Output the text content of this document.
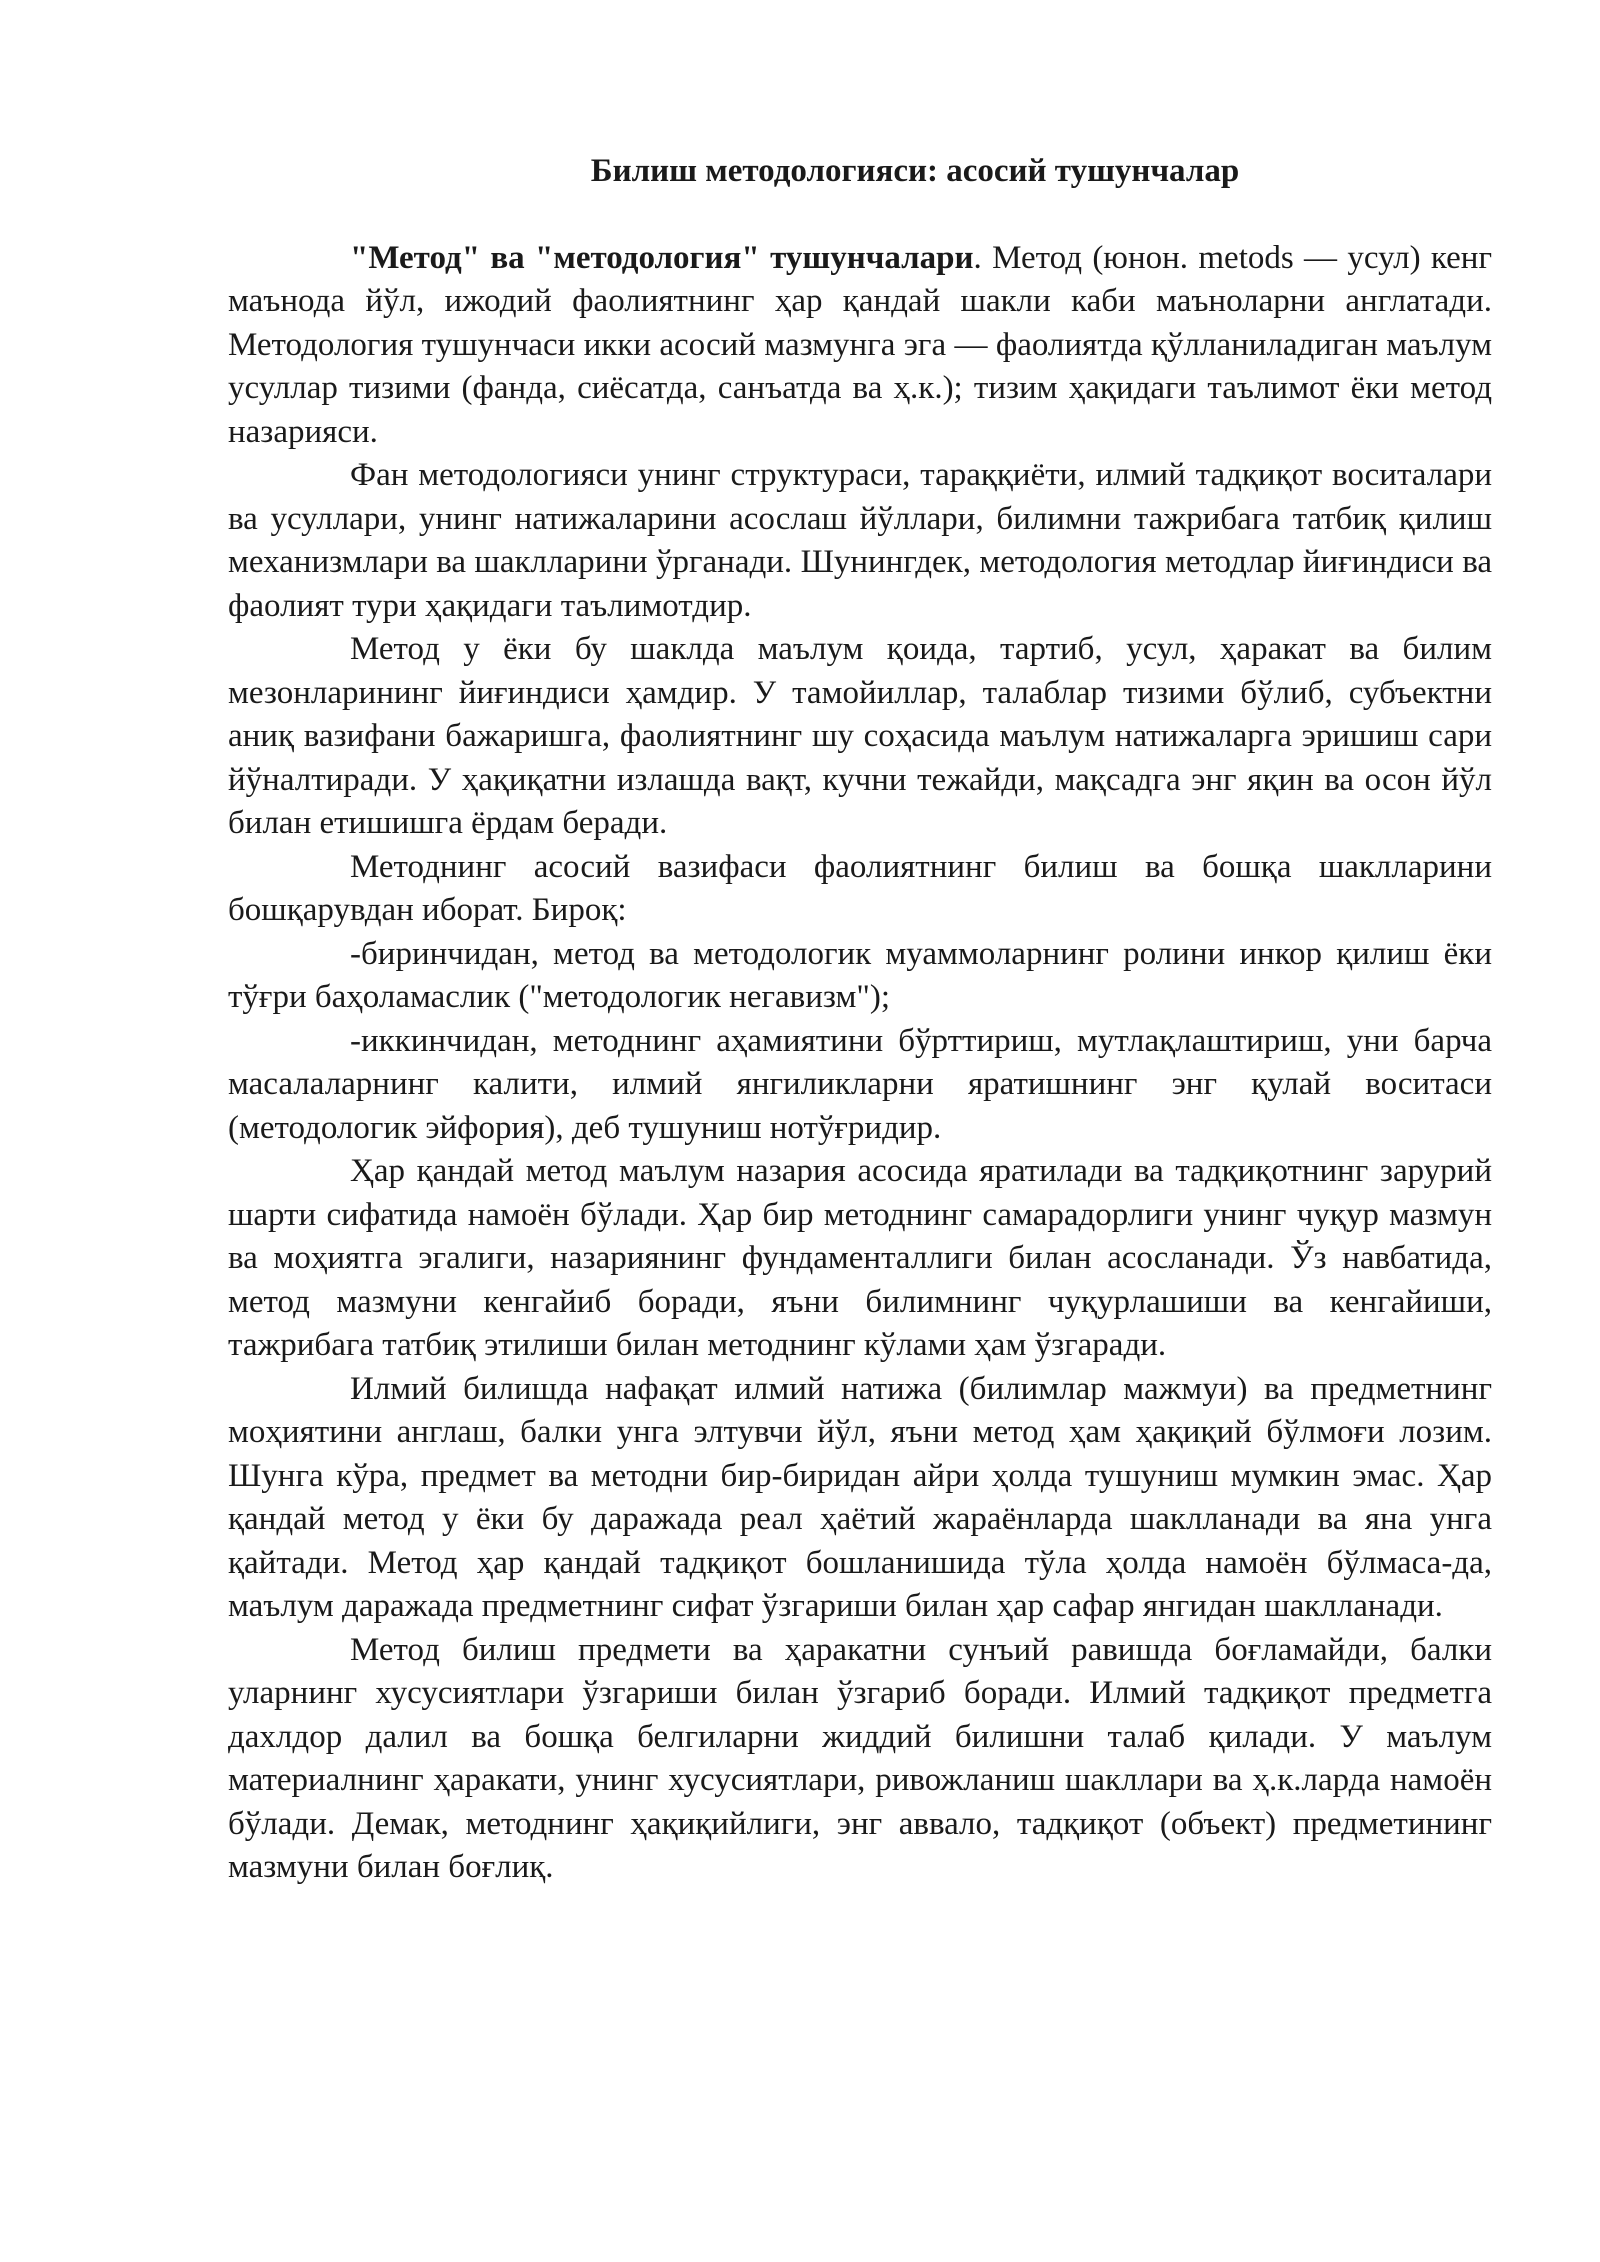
Билиш методологияси: асосий тушунчалар

"Метод" ва "методология" тушунчалари. Метод (юнон. metods — усул) кенг маънода йўл, ижодий фаолиятнинг ҳар қандай шакли каби маъноларни англатади. Методология тушунчаси икки асосий мазмунга эга — фаолиятда қўлланиладиган маълум усуллар тизими (фанда, сиёсатда, санъатда ва ҳ.к.); тизим ҳақидаги таълимот ёки метод назарияси.

Фан методологияси унинг структураси, тараққиёти, илмий тадқиқот воситалари ва усуллари, унинг натижаларини асослаш йўллари, билимни тажрибага татбиқ қилиш механизмлари ва шаклларини ўрганади. Шунингдек, методология методлар йиғиндиси ва фаолият тури ҳақидаги таълимотдир.

Метод у ёки бу шаклда маълум қоида, тартиб, усул, ҳаракат ва билим мезонларининг йиғиндиси ҳамдир. У тамойиллар, талаблар тизими бўлиб, субъектни аниқ вазифани бажаришга, фаолиятнинг шу соҳасида маълум натижаларга эришиш сари йўналтиради. У ҳақиқатни излашда вақт, кучни тежайди, мақсадга энг яқин ва осон йўл билан етишишга ёрдам беради.

Методнинг асосий вазифаси фаолиятнинг билиш ва бошқа шаклларини бошқарувдан иборат. Бироқ:

-биринчидан, метод ва методологик муаммоларнинг ролини инкор қилиш ёки тўғри баҳоламаслик ("методологик негавизм");

-иккинчидан, методнинг аҳамиятини бўрттириш, мутлақлаштириш, уни барча масалаларнинг калити, илмий янгиликларни яратишнинг энг қулай воситаси (методологик эйфория), деб тушуниш нотўғридир.

Ҳар қандай метод маълум назария асосида яратилади ва тадқиқотнинг зарурий шарти сифатида намоён бўлади. Ҳар бир методнинг самарадорлиги унинг чуқур мазмун ва моҳиятга эгалиги, назариянинг фундаменталлиги билан асосланади. Ўз навбатида, метод мазмуни кенгайиб боради, яъни билимнинг чуқурлашиши ва кенгайиши, тажрибага татбиқ этилиши билан методнинг кўлами ҳам ўзгаради.

Илмий билишда нафақат илмий натижа (билимлар мажмуи) ва предметнинг моҳиятини англаш, балки унга элтувчи йўл, яъни метод ҳам ҳақиқий бўлмоғи лозим. Шунга кўра, предмет ва методни бир-биридан айри ҳолда тушуниш мумкин эмас. Ҳар қандай метод у ёки бу даражада реал ҳаётий жараёнларда шаклланади ва яна унга қайтади. Метод ҳар қандай тадқиқот бошланишида тўла ҳолда намоён бўлмаса-да, маълум даражада предметнинг сифат ўзгариши билан ҳар сафар янгидан шаклланади.

Метод билиш предмети ва ҳаракатни сунъий равишда боғламайди, балки уларнинг хусусиятлари ўзгариши билан ўзгариб боради. Илмий тадқиқот предметга дахлдор далил ва бошқа белгиларни жиддий билишни талаб қилади. У маълум материалнинг ҳаракати, унинг хусусиятлари, ривожланиш шакллари ва ҳ.к.ларда намоён бўлади. Демак, методнинг ҳақиқийлиги, энг аввало, тадқиқот (объект) предметининг мазмуни билан боғлиқ.
